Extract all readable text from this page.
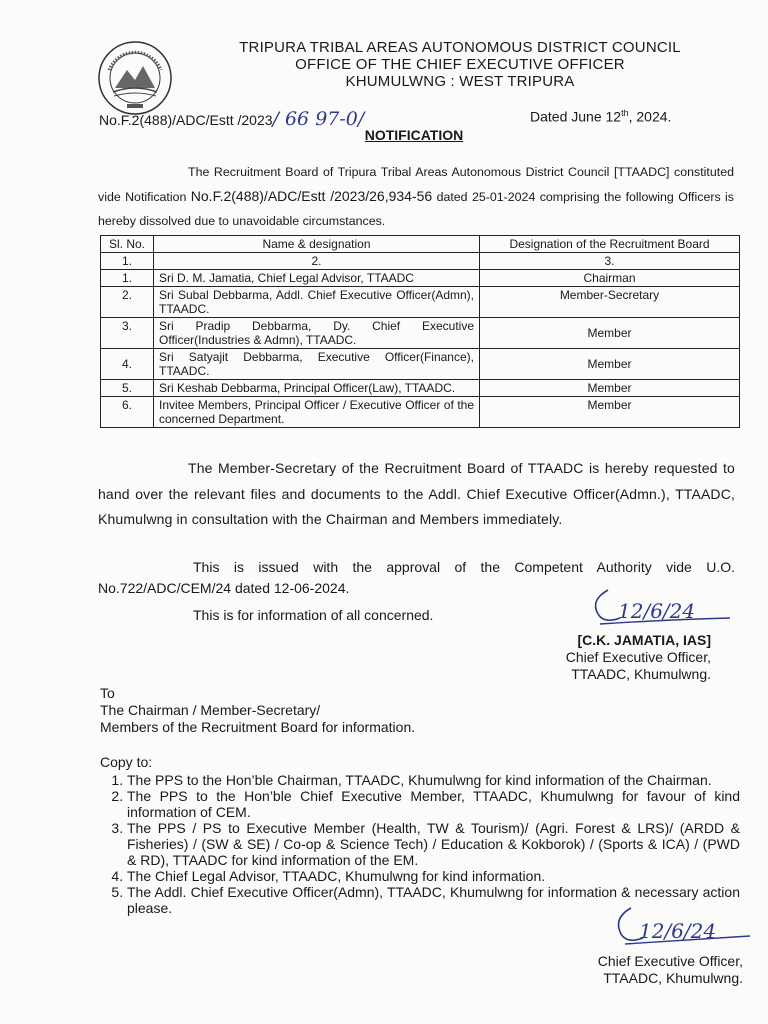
TRIPURA TRIBAL AREAS AUTONOMOUS DISTRICT COUNCIL
OFFICE OF THE CHIEF EXECUTIVE OFFICER
KHUMULWNG : WEST TRIPURA
No.F.2(488)/ADC/Estt /2023/ 66 97-0/	Dated June 12th, 2024.
NOTIFICATION
The Recruitment Board of Tripura Tribal Areas Autonomous District Council [TTAADC] constituted vide Notification No.F.2(488)/ADC/Estt /2023/26,934-56 dated 25-01-2024 comprising the following Officers is hereby dissolved due to unavoidable circumstances.
Sl. No.	Name & designation	Designation of the Recruitment Board
1.	2.	3.
1.	Sri D. M. Jamatia, Chief Legal Advisor, TTAADC	Chairman
2.	Sri Subal Debbarma, Addl. Chief Executive Officer(Admn), TTAADC.	Member-Secretary
3.	Sri Pradip Debbarma, Dy. Chief Executive Officer(Industries & Admn), TTAADC.	Member
4.	Sri Satyajit Debbarma, Executive Officer(Finance), TTAADC.	Member
5.	Sri Keshab Debbarma, Principal Officer(Law), TTAADC.	Member
6.	Invitee Members, Principal Officer / Executive Officer of the concerned Department.	Member
The Member-Secretary of the Recruitment Board of TTAADC is hereby requested to hand over the relevant files and documents to the Addl. Chief Executive Officer(Admn.), TTAADC, Khumulwng in consultation with the Chairman and Members immediately.
This is issued with the approval of the Competent Authority vide U.O. No.722/ADC/CEM/24 dated 12-06-2024.
This is for information of all concerned.	12/6/24
[C.K. JAMATIA, IAS]
Chief Executive Officer,
TTAADC, Khumulwng.
To
The Chairman / Member-Secretary/
Members of the Recruitment Board for information.
Copy to:
1. The PPS to the Hon’ble Chairman, TTAADC, Khumulwng for kind information of the Chairman.
2. The PPS to the Hon’ble Chief Executive Member, TTAADC, Khumulwng for favour of kind information of CEM.
3. The PPS / PS to Executive Member (Health, TW & Tourism)/ (Agri. Forest & LRS)/ (ARDD & Fisheries) / (SW & SE) / Co-op & Science Tech) / Education & Kokborok) / (Sports & ICA) / (PWD & RD), TTAADC for kind information of the EM.
4. The Chief Legal Advisor, TTAADC, Khumulwng for kind information.
5. The Addl. Chief Executive Officer(Admn), TTAADC, Khumulwng for information & necessary action please.
12/6/24
Chief Executive Officer,
TTAADC, Khumulwng.
